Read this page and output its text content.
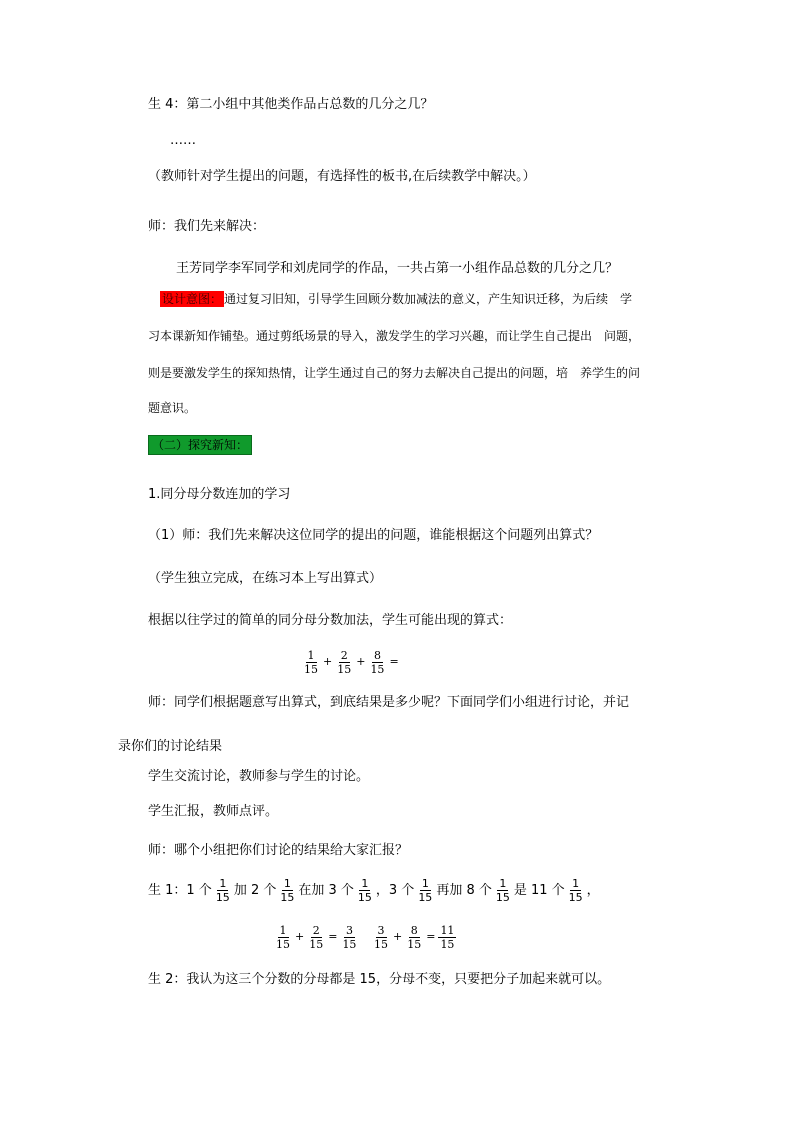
生 4：第二小组中其他类作品占总数的几分之几？
……
（教师针对学生提出的问题，有选择性的板书,在后续教学中解决。）
师：我们先来解决：
王芳同学李军同学和刘虎同学的作品，一共占第一小组作品总数的几分之几？
设计意图： 通过复习旧知，引导学生回顾分数加减法的意义，产生知识迁移，为后续　学
习本课新知作铺垫。通过剪纸场景的导入，激发学生的学习兴趣，而让学生自己提出　问题，
则是要激发学生的探知热情，让学生通过自己的努力去解决自己提出的问题，培　养学生的问
题意识。
（二）探究新知：
1.同分母分数连加的学习
（1）师：我们先来解决这位同学的提出的问题，谁能根据这个问题列出算式？
（学生独立完成，在练习本上写出算式）
根据以往学过的简单的同分母分数加法，学生可能出现的算式：
$\frac{1}{15} + \frac{2}{15} + \frac{8}{15}$ =
师：同学们根据题意写出算式，到底结果是多少呢？下面同学们小组进行讨论，并记
录你们的讨论结果
学生交流讨论，教师参与学生的讨论。
学生汇报，教师点评。
师：哪个小组把你们讨论的结果给大家汇报？
生 1：1 个 $\frac{1}{15}$ 加 2 个 $\frac{1}{15}$ 在加 3 个 $\frac{1}{15}$ ，3 个 $\frac{1}{15}$ 再加 8 个 $\frac{1}{15}$ 是 11 个 $\frac{1}{15}$ ，
$\frac{1}{15} + \frac{2}{15} = \frac{3}{15} \frac{3}{15} + \frac{8}{15} = \frac{11}{15}$
生 2：我认为这三个分数的分母都是 15，分母不变，只要把分子加起来就可以。
